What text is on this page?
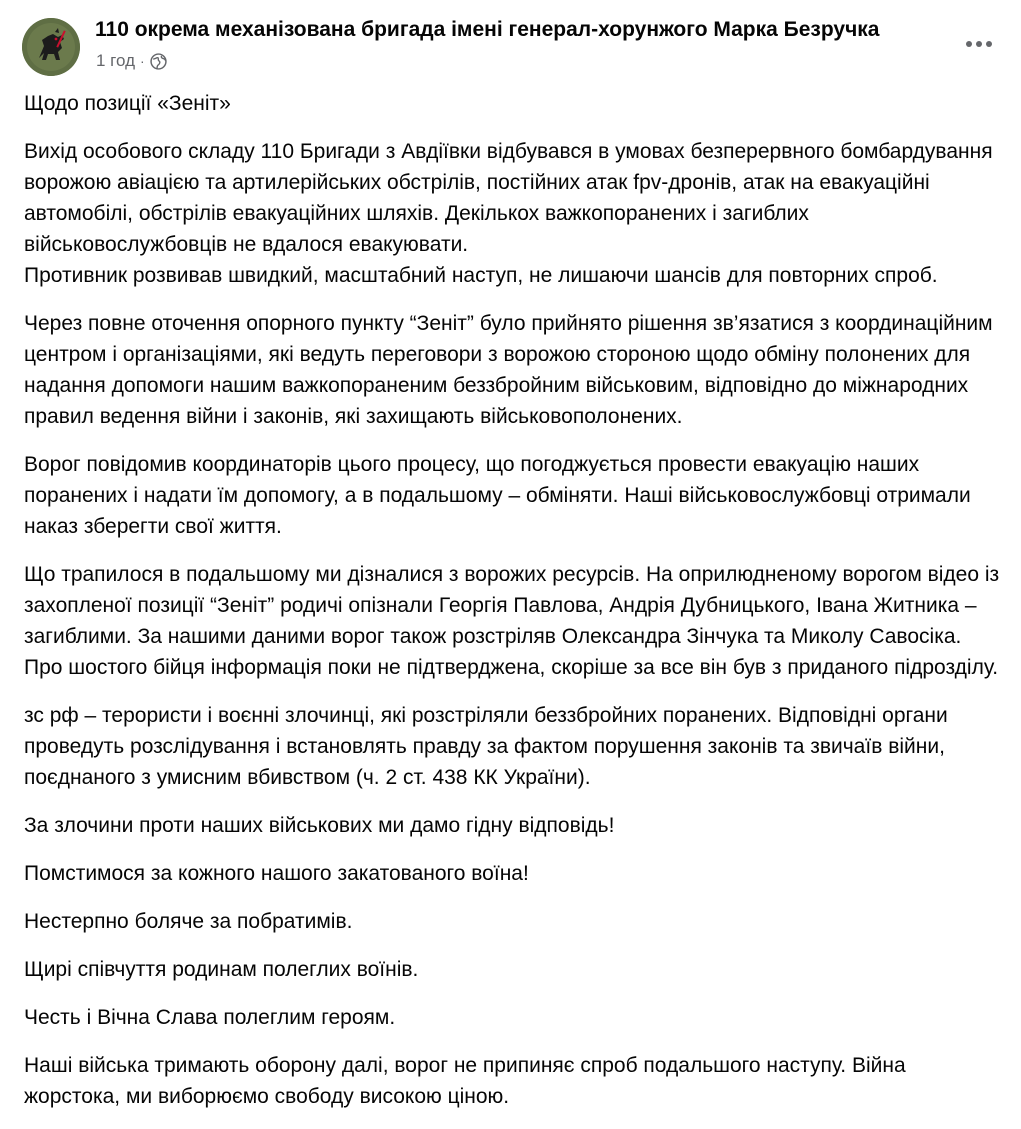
110 окрема механізована бригада імені генерал-хорунжого Марка Безручка
1 год ·

Щодо позиції «Зеніт»

Вихід особового складу 110 Бригади з Авдіївки відбувався в умовах безперервного бомбардування ворожою авіацією та артилерійських обстрілів, постійних атак fpv-дронів, атак на евакуаційні автомобілі, обстрілів евакуаційних шляхів. Декількох важкопоранених і загиблих військовослужбовців не вдалося евакуювати.

Противник розвивав швидкий, масштабний наступ, не лишаючи шансів для повторних спроб.

Через повне оточення опорного пункту “Зеніт” було прийнято рішення зв’язатися з координаційним центром і організаціями, які ведуть переговори з ворожою стороною щодо обміну полонених для надання допомоги нашим важкопораненим беззбройним військовим, відповідно до міжнародних правил ведення війни і законів, які захищають військовополонених.

Ворог повідомив координаторів цього процесу, що погоджується провести евакуацію наших поранених і надати їм допомогу, а в подальшому – обміняти. Наші військовослужбовці отримали наказ зберегти свої життя.

Що трапилося в подальшому ми дізналися з ворожих ресурсів. На оприлюдненому ворогом відео із захопленої позиції “Зеніт” родичі опізнали Георгія Павлова, Андрія Дубницького, Івана Житника – загиблими. За нашими даними ворог також розстріляв Олександра Зінчука та Миколу Савосіка. Про шостого бійця інформація поки не підтверджена, скоріше за все він був з приданого підрозділу.

зс рф – терористи і воєнні злочинці, які розстріляли беззбройних поранених. Відповідні органи проведуть розслідування і встановлять правду за фактом порушення законів та звичаїв війни, поєднаного з умисним вбивством (ч. 2 ст. 438 КК України).

За злочини проти наших військових ми дамо гідну відповідь!

Помстимося за кожного нашого закатованого воїна!

Нестерпно боляче за побратимів.

Щирі співчуття родинам полеглих воїнів.

Честь і Вічна Слава полеглим героям.

Наші війська тримають оборону далі, ворог не припиняє спроб подальшого наступу. Війна жорстока, ми виборюємо свободу високою ціною.
